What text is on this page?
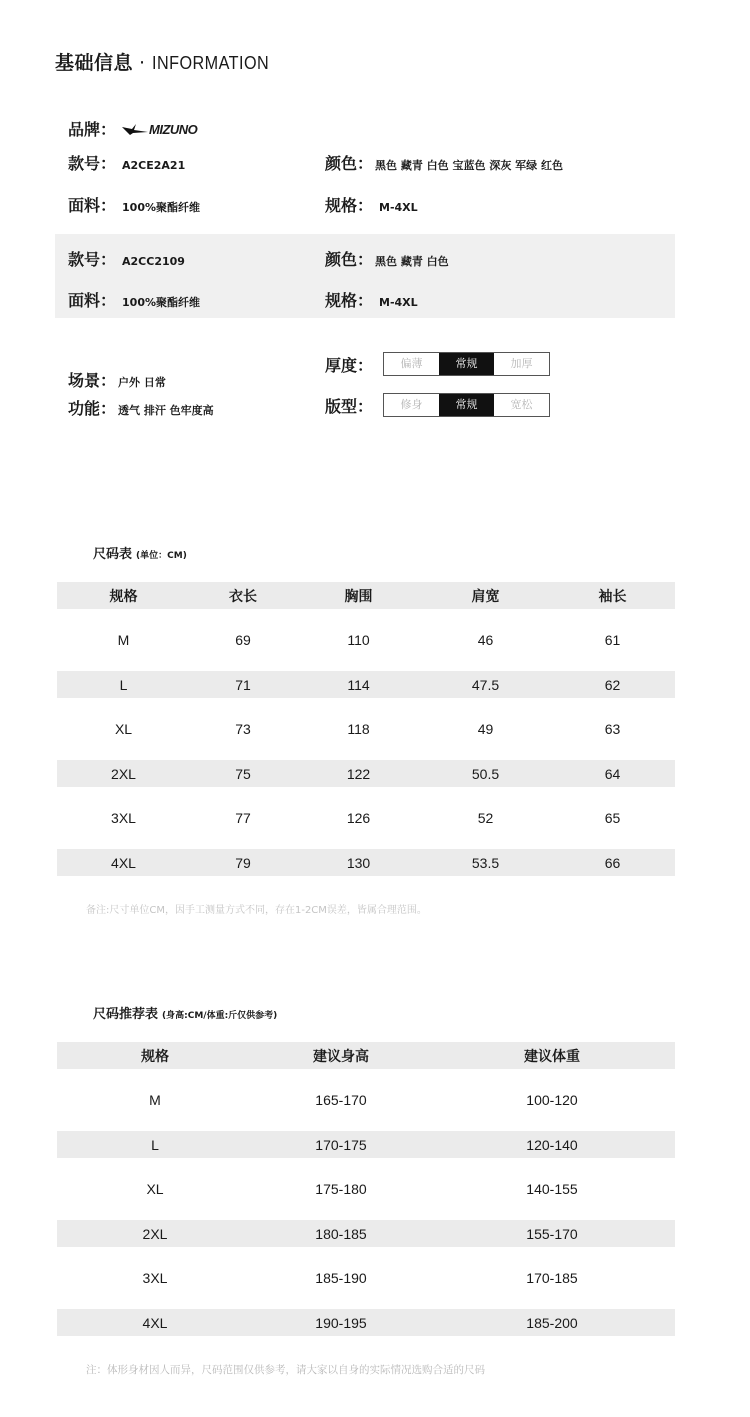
基础信息 · INFORMATION
品牌：	MIZUNO
款号： A2CE2A21	颜色： 黑色 藏青 白色 宝蓝色 深灰 军绿 红色
面料： 100%聚酯纤维	规格： M-4XL
款号： A2CC2109	颜色： 黑色 藏青 白色
面料： 100%聚酯纤维	规格： M-4XL
场景： 户外 日常
功能： 透气 排汗 色牢度高
厚度：	偏薄	常规	加厚
版型：	修身	常规	宽松
尺码表 (单位：CM)
规格	衣长	胸围	肩宽	袖长
M	69	110	46	61
L	71	114	47.5	62
XL	73	118	49	63
2XL	75	122	50.5	64
3XL	77	126	52	65
4XL	79	130	53.5	66
备注:尺寸单位CM，因手工测量方式不同，存在1-2CM误差，皆属合理范围。
尺码推荐表 (身高:CM/体重:斤仅供参考)
规格	建议身高	建议体重
M	165-170	100-120
L	170-175	120-140
XL	175-180	140-155
2XL	180-185	155-170
3XL	185-190	170-185
4XL	190-195	185-200
注：体形身材因人而异，尺码范围仅供参考，请大家以自身的实际情况选购合适的尺码
